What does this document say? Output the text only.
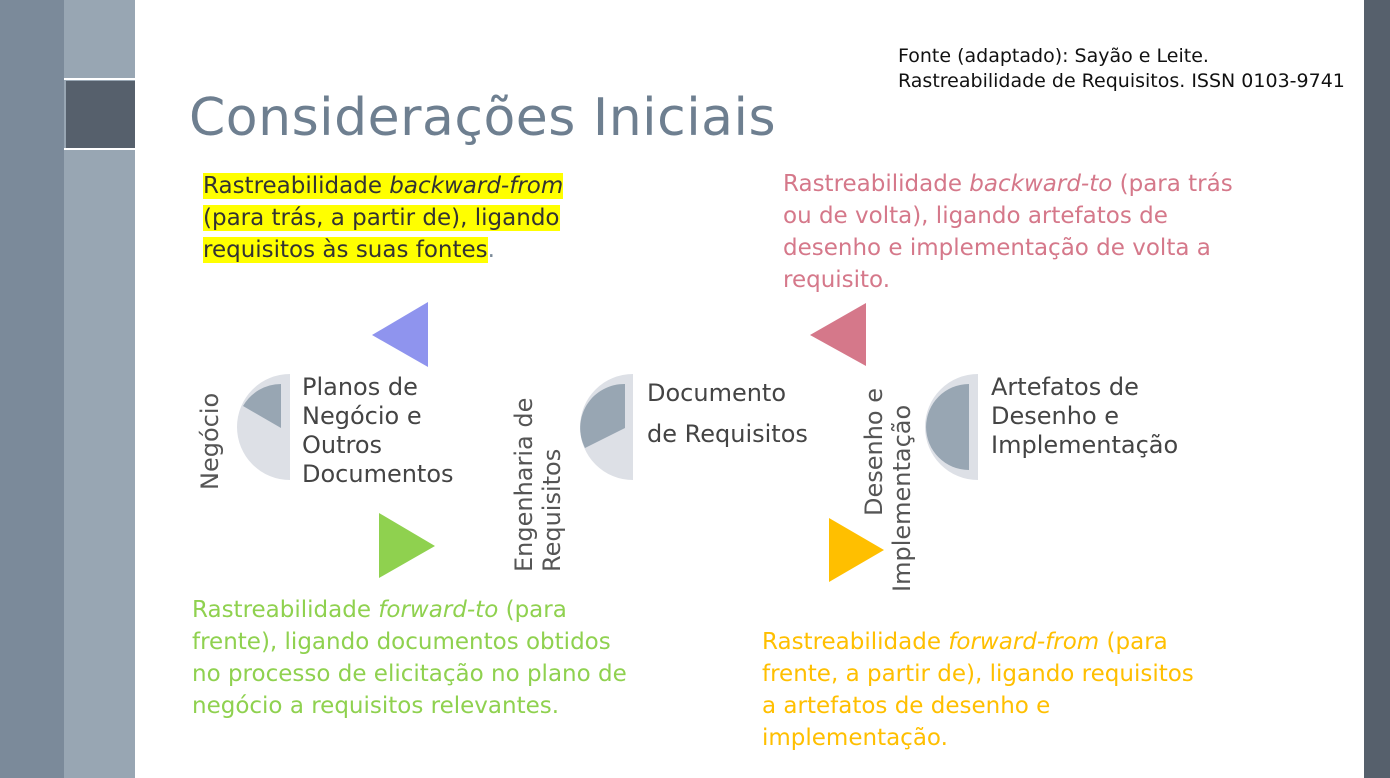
Fonte (adaptado): Sayão e Leite.
Rastreabilidade de Requisitos. ISSN 0103-9741
Considerações Iniciais
Rastreabilidade backward-from (para trás, a partir de), ligando requisitos às suas fontes.
Rastreabilidade backward-to (para trás ou de volta), ligando artefatos de desenho e implementação de volta a requisito.
Rastreabilidade forward-to (para frente), ligando documentos obtidos no processo de elicitação no plano de negócio a requisitos relevantes.
Rastreabilidade forward-from (para frente, a partir de), ligando requisitos a artefatos de desenho e implementação.
Negócio	Engenharia de Requisitos	Desenho e Implementação
Planos de
Negócio e
Outros
Documentos
Documento
de Requisitos
Artefatos de
Desenho e
Implementação
